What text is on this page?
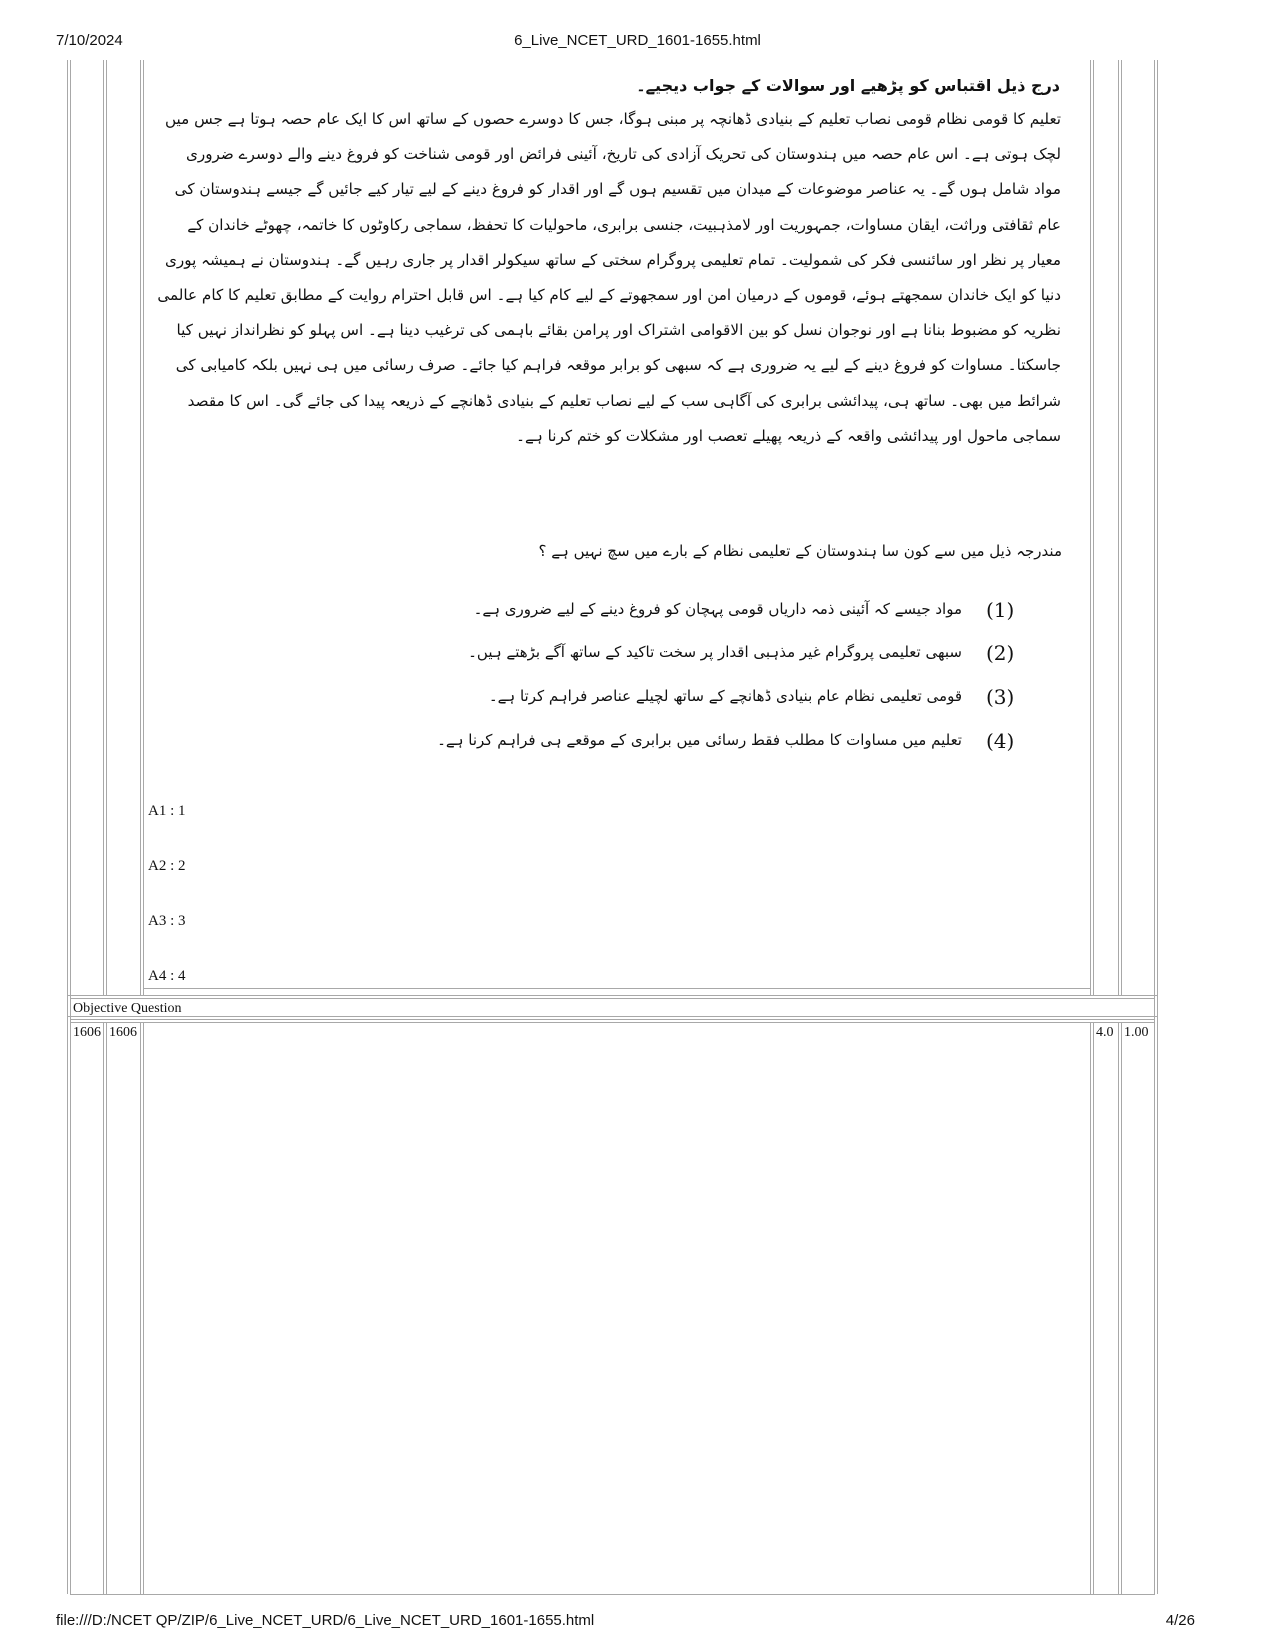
7/10/2024	6_Live_NCET_URD_1601-1655.html
file:///D:/NCET QP/ZIP/6_Live_NCET_URD/6_Live_NCET_URD_1601-1655.html	4/26
درج ذیل اقتباس کو پڑھیے اور سوالات کے جواب دیجیے۔
تعلیم کا قومی نظام قومی نصاب تعلیم کے بنیادی ڈھانچہ پر مبنی ہوگا، جس کا دوسرے حصوں کے ساتھ اس کا ایک عام حصہ ہوتا ہے جس میں لچک ہوتی ہے۔ اس عام حصہ میں ہندوستان کی تحریک آزادی کی تاریخ، آئینی فرائض اور قومی شناخت کو فروغ دینے والے دوسرے ضروری مواد شامل ہوں گے۔ یہ عناصر موضوعات کے میدان میں تقسیم ہوں گے اور اقدار کو فروغ دینے کے لیے تیار کیے جائیں گے جیسے ہندوستان کی عام ثقافتی وراثت، ایقان مساوات، جمہوریت اور لامذہبیت، جنسی برابری، ماحولیات کا تحفظ، سماجی رکاوٹوں کا خاتمہ، چھوٹے خاندان کے معیار پر نظر اور سائنسی فکر کی شمولیت۔ تمام تعلیمی پروگرام سختی کے ساتھ سیکولر اقدار پر جاری رہیں گے۔ ہندوستان نے ہمیشہ پوری دنیا کو ایک خاندان سمجھتے ہوئے، قوموں کے درمیان امن اور سمجھوتے کے لیے کام کیا ہے۔ اس قابل احترام روایت کے مطابق تعلیم کا کام عالمی نظریہ کو مضبوط بنانا ہے اور نوجوان نسل کو بین الاقوامی اشتراک اور پرامن بقائے باہمی کی ترغیب دینا ہے۔ اس پہلو کو نظرانداز نہیں کیا جاسکتا۔ مساوات کو فروغ دینے کے لیے یہ ضروری ہے کہ سبھی کو برابر موقعہ فراہم کیا جائے۔ صرف رسائی میں ہی نہیں بلکہ کامیابی کی شرائط میں بھی۔ ساتھ ہی، پیدائشی برابری کی آگاہی سب کے لیے نصاب تعلیم کے بنیادی ڈھانچے کے ذریعہ پیدا کی جائے گی۔ اس کا مقصد سماجی ماحول اور پیدائشی واقعہ کے ذریعہ پھیلے تعصب اور مشکلات کو ختم کرنا ہے۔
مندرجہ ذیل میں سے کون سا ہندوستان کے تعلیمی نظام کے بارے میں سچ نہیں ہے ؟
(1)
مواد جیسے کہ آئینی ذمہ داریاں قومی پہچان کو فروغ دینے کے لیے ضروری ہے۔
(2)
سبھی تعلیمی پروگرام غیر مذہبی اقدار پر سخت تاکید کے ساتھ آگے بڑھتے ہیں۔
(3)
قومی تعلیمی نظام عام بنیادی ڈھانچے کے ساتھ لچیلے عناصر فراہم کرتا ہے۔
(4)
تعلیم میں مساوات کا مطلب فقط رسائی میں برابری کے موقعے ہی فراہم کرنا ہے۔
A1 : 1
A2 : 2
A3 : 3
A4 : 4
Objective Question
1606 1606	4.0 1.00
